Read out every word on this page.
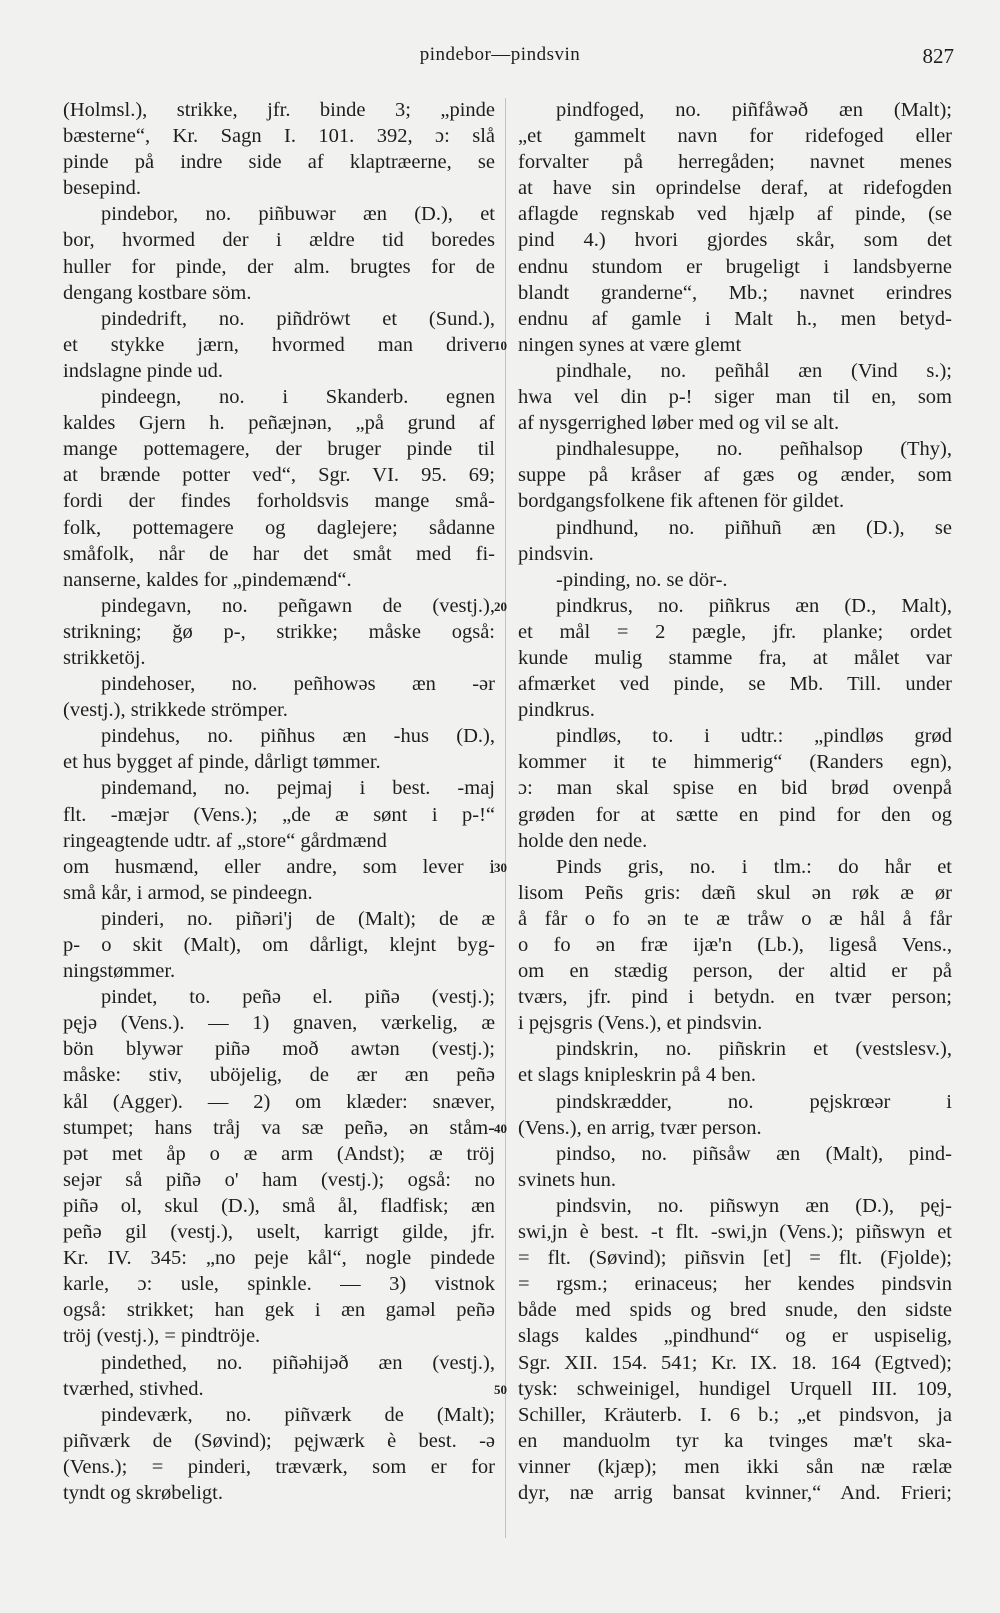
pindebor—pindsvin	827
(Holmsl.), strikke, jfr. binde 3; „pinde
bæsterne“, Kr. Sagn I. 101. 392, ɔ: slå
pinde på indre side af klaptræerne, se
besepind.
pindebor, no. piñbuwər æn (D.), et
bor, hvormed der i ældre tid boredes
huller for pinde, der alm. brugtes for de
dengang kostbare söm.
pindedrift, no. piñdröwt et (Sund.),
et stykke jærn, hvormed man driver
indslagne pinde ud.
pindeegn, no. i Skanderb. egnen
kaldes Gjern h. peñæjnən, „på grund af
mange pottemagere, der bruger pinde til
at brænde potter ved“, Sgr. VI. 95. 69;
fordi der findes forholdsvis mange små-
folk, pottemagere og daglejere; sådanne
småfolk, når de har det småt med fi-
nanserne, kaldes for „pindemænd“.
pindegavn, no. peñgawn de (vestj.),
strikning; ğø p-, strikke; måske også:
strikketöj.
pindehoser, no. peñhowəs æn -ər
(vestj.), strikkede strömper.
pindehus, no. piñhus æn -hus (D.),
et hus bygget af pinde, dårligt tømmer.
pindemand, no. pejmaj i best. -maj
flt. -mæjər (Vens.); „de æ sønt i p-!“
ringeagtende udtr. af „store“ gårdmænd
om husmænd, eller andre, som lever i
små kår, i armod, se pindeegn.
pinderi, no. piñəri'j de (Malt); de æ
p- o skit (Malt), om dårligt, klejnt byg-
ningstømmer.
pindet, to. peñə el. piñə (vestj.);
pęjə (Vens.). — 1) gnaven, værkelig, æ
bön blywər piñə moð awtən (vestj.);
måske: stiv, uböjelig, de ær æn peñə
kål (Agger). — 2) om klæder: snæver,
stumpet; hans tråj va sæ peñə, ən ståm-
pət met åp o æ arm (Andst); æ tröj
sejər så piñə o' ham (vestj.); også: no
piñə ol, skul (D.), små ål, fladfisk; æn
peñə gil (vestj.), uselt, karrigt gilde, jfr.
Kr. IV. 345: „no peje kål“, nogle pindede
karle, ɔ: usle, spinkle. — 3) vistnok
også: strikket; han gek i æn gaməl peñə
tröj (vestj.), = pindtröje.
pindethed, no. piñəhijəð æn (vestj.),
tværhed, stivhed.
pindeværk, no. piñværk de (Malt);
piñværk de (Søvind); pęjwærk è best. -ə
(Vens.); = pinderi, træværk, som er for
tyndt og skrøbeligt.
pindfoged, no. piñfåwəð æn (Malt);
„et gammelt navn for ridefoged eller
forvalter på herregåden; navnet menes
at have sin oprindelse deraf, at ridefogden
aflagde regnskab ved hjælp af pinde, (se
pind 4.) hvori gjordes skår, som det
endnu stundom er brugeligt i landsbyerne
blandt granderne“, Mb.; navnet erindres
endnu af gamle i Malt h., men betyd-
ningen synes at være glemt
pindhale, no. peñhål æn (Vind s.);
hwa vel din p-! siger man til en, som
af nysgerrighed løber med og vil se alt.
pindhalesuppe, no. peñhalsop (Thy),
suppe på kråser af gæs og ænder, som
bordgangsfolkene fik aftenen för gildet.
pindhund, no. piñhuñ æn (D.), se
pindsvin.
-pinding, no. se dör-.
pindkrus, no. piñkrus æn (D., Malt),
et mål = 2 pægle, jfr. planke; ordet
kunde mulig stamme fra, at målet var
afmærket ved pinde, se Mb. Till. under
pindkrus.
pindløs, to. i udtr.: „pindløs grød
kommer it te himmerig“ (Randers egn),
ɔ: man skal spise en bid brød ovenpå
grøden for at sætte en pind for den og
holde den nede.
Pinds gris, no. i tlm.: do hår et
lisom Peñs gris: dæñ skul ən røk æ ør
å får o fo ən te æ tråw o æ hål å får
o fo ən fræ ijæ'n (Lb.), ligeså Vens.,
om en stædig person, der altid er på
tværs, jfr. pind i betydn. en tvær person;
i pęjsgris (Vens.), et pindsvin.
pindskrin, no. piñskrin et (vestslesv.),
et slags knipleskrin på 4 ben.
pindskrædder, no. pęjskrœər i
(Vens.), en arrig, tvær person.
pindso, no. piñsåw æn (Malt), pind-
svinets hun.
pindsvin, no. piñswyn æn (D.), pęj-
swi,jn è best. -t flt. -swi,jn (Vens.); piñswyn et
= flt. (Søvind); piñsvin [et] = flt. (Fjolde);
= rgsm.; erinaceus; her kendes pindsvin
både med spids og bred snude, den sidste
slags kaldes „pindhund“ og er uspiselig,
Sgr. XII. 154. 541; Kr. IX. 18. 164 (Egtved);
tysk: schweinigel, hundigel Urquell III. 109,
Schiller, Kräuterb. I. 6 b.; „et pindsvon, ja
en manduolm tyr ka tvinges mæ't ska-
vinner (kjæp); men ikki sån næ rælæ
dyr, næ arrig bansat kvinner,“ And. Frieri;
10
20
30
40
50
